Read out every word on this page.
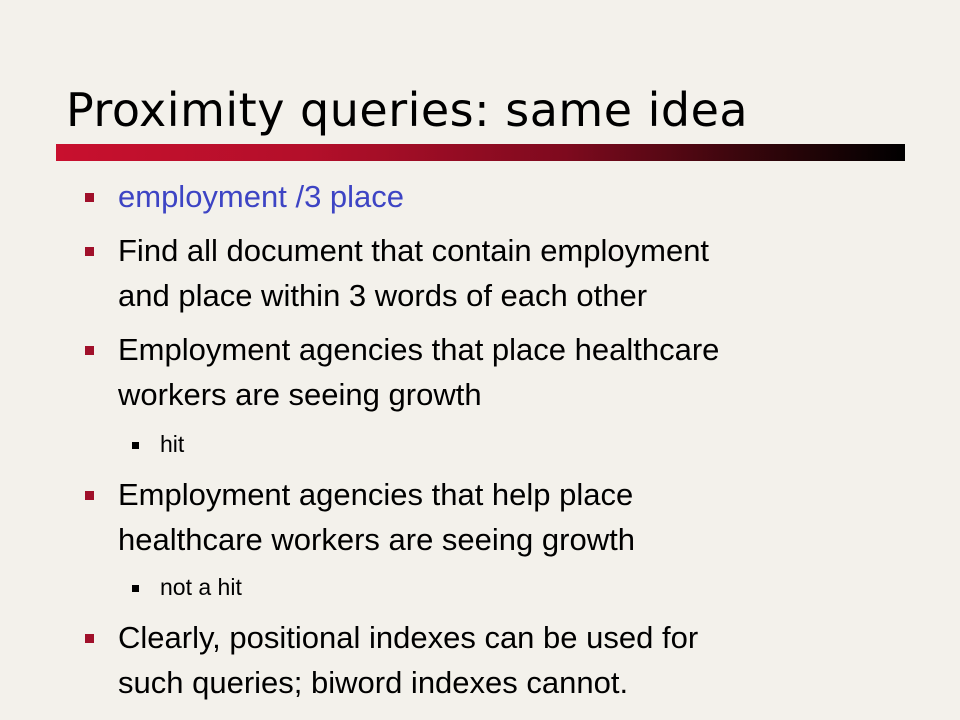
Proximity queries: same idea
employment /3 place
Find all document that contain employment
and place within 3 words of each other
Employment agencies that place healthcare
workers are seeing growth
hit
Employment agencies that help place
healthcare workers are seeing growth
not a hit
Clearly, positional indexes can be used for
such queries; biword indexes cannot.
